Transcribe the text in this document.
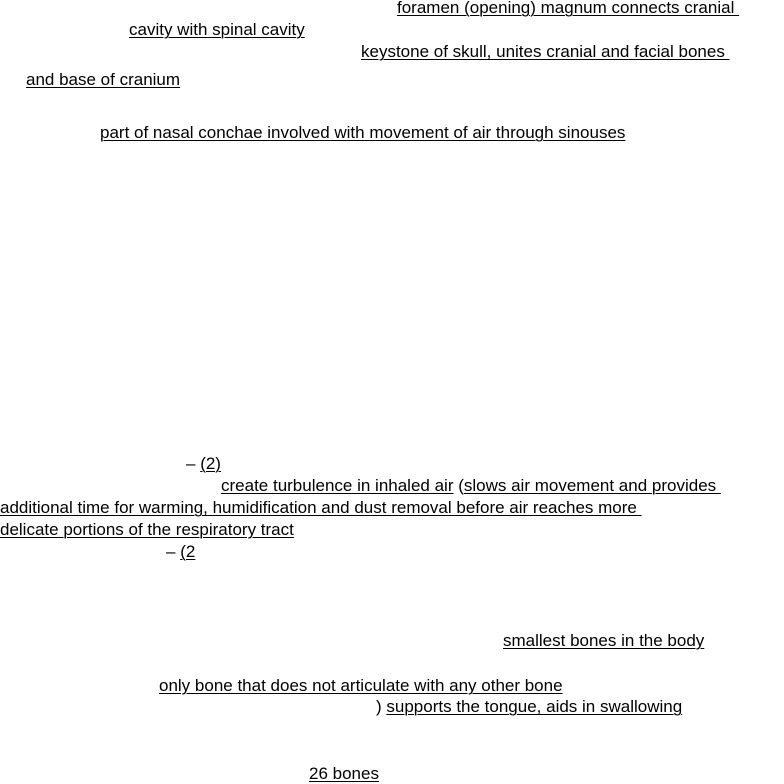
foramen (opening) magnum connects cranial
cavity with spinal cavity
keystone of skull, unites cranial and facial bones
and base of cranium
part of nasal conchae involved with movement of air through sinouses
– (2)
create turbulence in inhaled air (slows air movement and provides
additional time for warming, humidification and dust removal before air reaches more
delicate portions of the respiratory tract
– (2
smallest bones in the body
only bone that does not articulate with any other bone
) supports the tongue, aids in swallowing
26 bones
